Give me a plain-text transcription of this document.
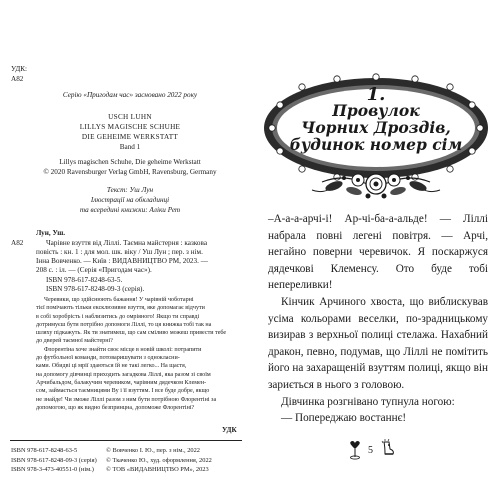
УДК:
А82
Серію «Пригодам час» засновано 2022 року
USCH LUHN
LILLYS MAGISCHE SCHUHE
DIE GEHEIME WERKSTATT
Band 1
Lillys magischen Schuhe, Die geheime Werkstatt
© 2020 Ravensburger Verlag GmbH, Ravensburg, Germany
Текст: Уш Лун
Ілюстрації на обкладинці
та всередині книжки: Аліки Рет
Лун, Уш.
А82	Чарівне взуття від Ліллі. Таємна майстерня : казкова
повість : кн. 1 : для мол. шк. віку / Уш Лун ; пер. з нім.
Інна Вовченко. — Київ : ВИДАВНИЦТВО РМ, 2023. —
208 с. : іл. — (Серія «Пригодам час»).
ISBN 978-617-8248-63-5.
ISBN 978-617-8248-09-3 (серія).
Черевики, що здійснюють бажання! У чарівній чоботарні
тієї помічають тільки ексклюзивне взуття, яке допомагає відчути
в собі хоробрість і наблизитись до омріяного! Якщо ти справді
дотримуєш бути потрібно допомоги Ліллі, то ця книжка тобі так на
шляху підкажуть. Як ти знатимеш, що сам сміливо можеш привести тебе
до дверей таємної майстерні?
Флорентіна хоче знайти своє місце в новій школі: потрапити
до футбольної команди, потоваришувати з однокласни-
ками. Обидві ці мрії здаються їй не такі легко... На щастя,
на допомогу дівчинці приходить загадкова Ліллі, яка разом зі своїм
Арчибальдом, балакучим черевиком, чарівним дядечком Клемен-
сом, займається таємницями Ву і її взуттям. І все буде добре, якщо
не знайде! Чи зможе Ліллі разом з ним бути потрібною Флорентіні за
допомогою, що як видно безпринцна, допоможе Флорентіні?
УДК
ISBN 978-617-8248-63-5
ISBN 978-617-8248-09-3 (серія)
ISBN 978-3-473-40551-0 (нім.)
© Вовченко І. Ю., пер. з нім., 2022
© Ткаченко Ю., худ. оформлення, 2022
© ТОВ «ВИДАВНИЦТВО РМ», 2023
1.
Провулок
Чорних Дроздів,
будинок номер сім

–А-а-а-арчі-і! Ар-чі-ба-а-альде! — Ліллі набрала повні легені повітря. — Арчі, негайно поверни черевичок. Я поскаржуся дядечкові Клеменсу. Ото буде тобі непереливки!

Кінчик Арчиного хвоста, що виблискував усіма кольорами веселки, по-зрадницькому визирав з верхньої полиці стелажа. Нахабний дракон, певно, подумав, що Ліллі не помітить його на захаращеній взуттям полиці, якщо він зариється в нього з головою.

Дівчинка розгнівано тупнула ногою:

— Попереджаю востаннє!

5
